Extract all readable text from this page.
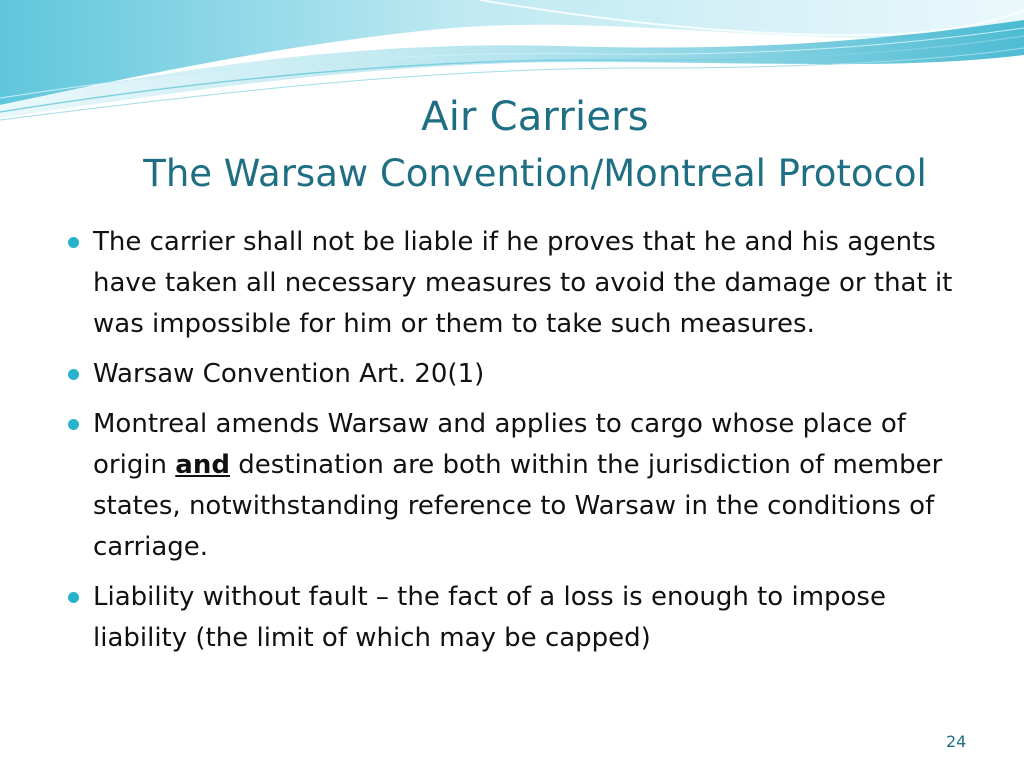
Air Carriers
The Warsaw Convention/Montreal Protocol
The carrier shall not be liable if he proves that he and his agents have taken all necessary measures to avoid the damage or that it was impossible for him or them to take such measures.
Warsaw Convention Art. 20(1)
Montreal amends Warsaw and applies to cargo whose place of origin and destination are both within the jurisdiction of member states, notwithstanding reference to Warsaw in the conditions of carriage.
Liability without fault – the fact of a loss is enough to impose liability (the limit of which may be capped)
24
